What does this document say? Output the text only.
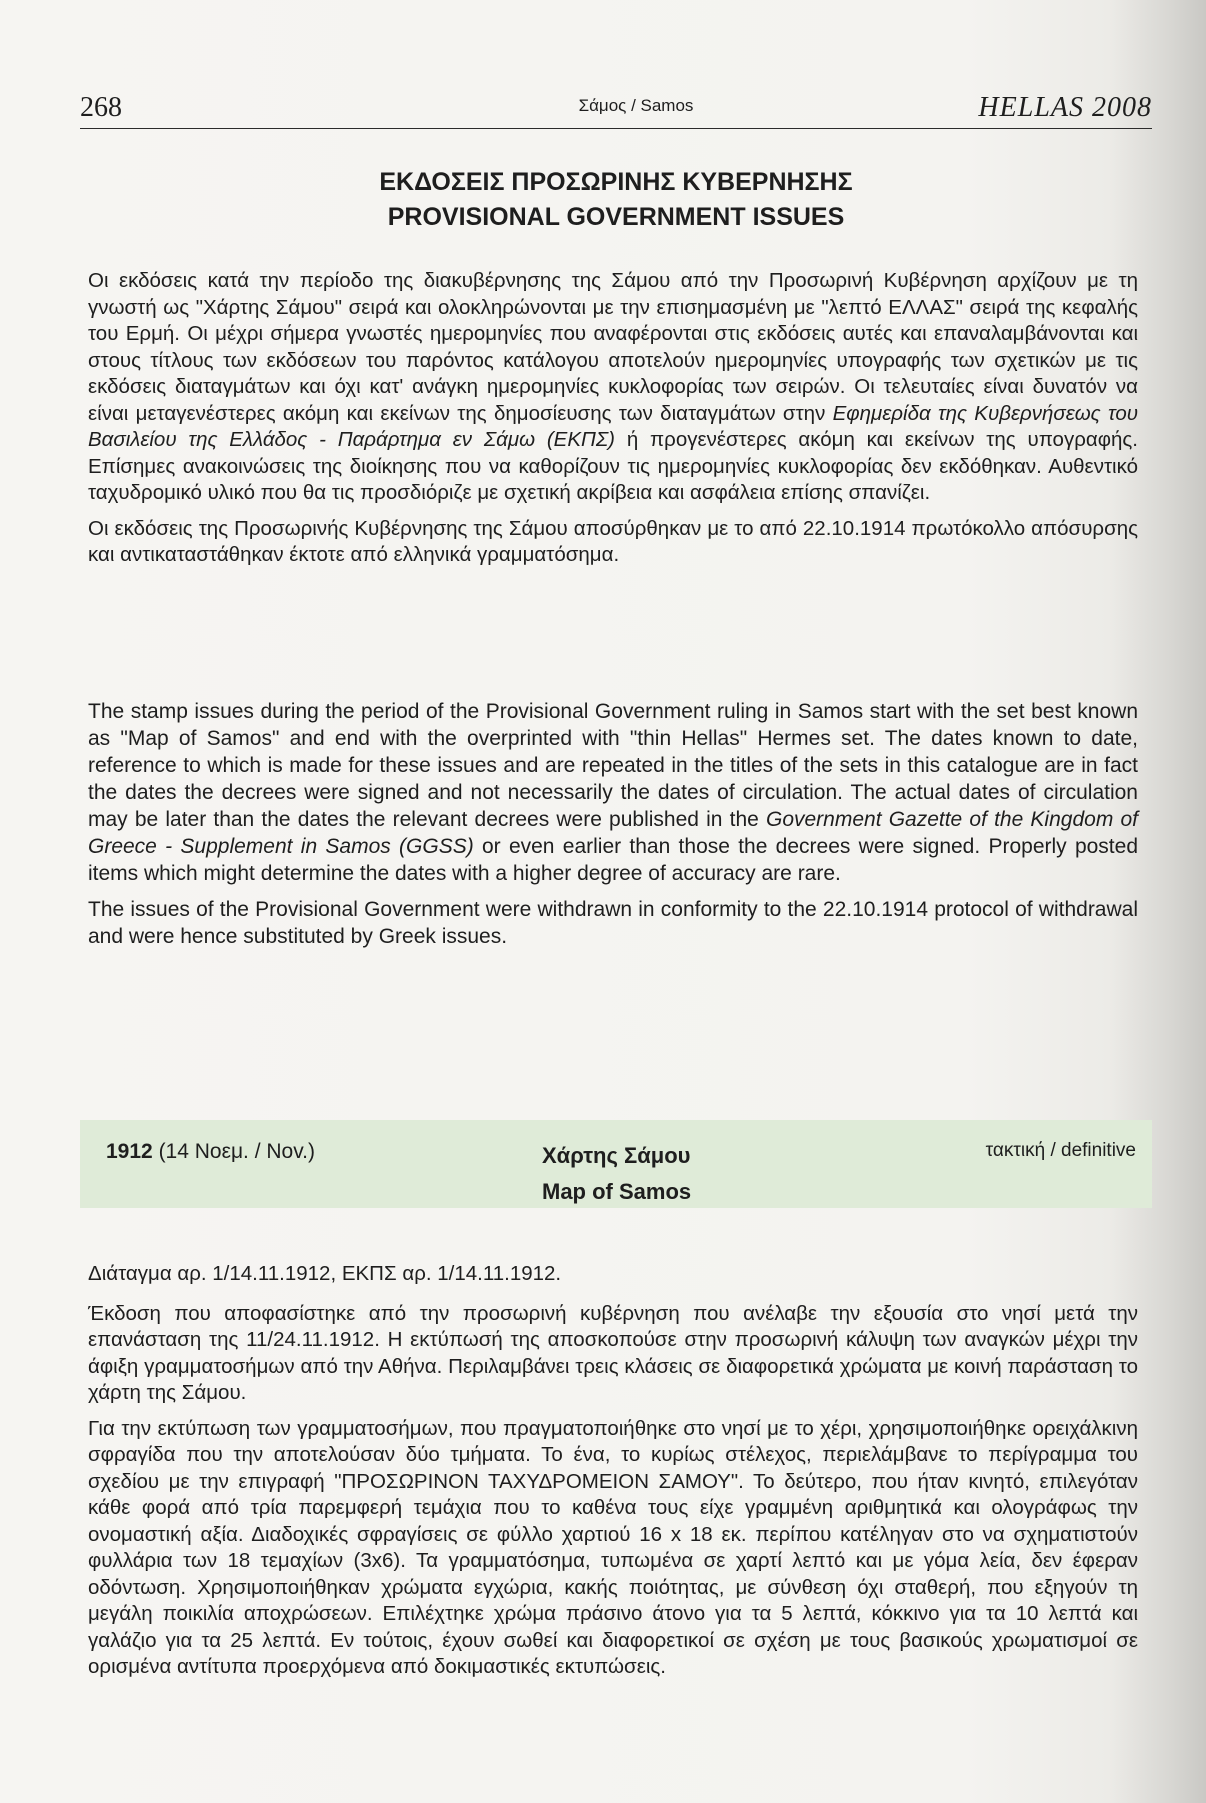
268	Σάμος / Samos	HELLAS 2008
ΕΚΔΟΣΕΙΣ ΠΡΟΣΩΡΙΝΗΣ ΚΥΒΕΡΝΗΣΗΣ
PROVISIONAL GOVERNMENT ISSUES

Οι εκδόσεις κατά την περίοδο της διακυβέρνησης της Σάμου από την Προσωρινή Κυβέρνηση αρχίζουν με τη γνωστή ως "Χάρτης Σάμου" σειρά και ολοκληρώνονται με την επισημασμένη με "λεπτό ΕΛΛΑΣ" σειρά της κεφαλής του Ερμή. Οι μέχρι σήμερα γνωστές ημερομηνίες που αναφέρονται στις εκδόσεις αυτές και επαναλαμβάνονται και στους τίτλους των εκδόσεων του παρόντος κατάλογου αποτελούν ημερομηνίες υπογραφής των σχετικών με τις εκδόσεις διαταγμάτων και όχι κατ' ανάγκη ημερομηνίες κυκλοφορίας των σειρών. Οι τελευταίες είναι δυνατόν να είναι μεταγενέστερες ακόμη και εκείνων της δημοσίευσης των διαταγμάτων στην Εφημερίδα της Κυβερνήσεως του Βασιλείου της Ελλάδος - Παράρτημα εν Σάμω (ΕΚΠΣ) ή προγενέστερες ακόμη και εκείνων της υπογραφής. Επίσημες ανακοινώσεις της διοίκησης που να καθορίζουν τις ημερομηνίες κυκλοφορίας δεν εκδόθηκαν. Αυθεντικό ταχυδρομικό υλικό που θα τις προσδιόριζε με σχετική ακρίβεια και ασφάλεια επίσης σπανίζει.

Οι εκδόσεις της Προσωρινής Κυβέρνησης της Σάμου αποσύρθηκαν με το από 22.10.1914 πρωτόκολλο απόσυρσης και αντικαταστάθηκαν έκτοτε από ελληνικά γραμματόσημα.

The stamp issues during the period of the Provisional Government ruling in Samos start with the set best known as "Map of Samos" and end with the overprinted with "thin Hellas" Hermes set. The dates known to date, reference to which is made for these issues and are repeated in the titles of the sets in this catalogue are in fact the dates the decrees were signed and not necessarily the dates of circulation. The actual dates of circulation may be later than the dates the relevant decrees were published in the Government Gazette of the Kingdom of Greece - Supplement in Samos (GGSS) or even earlier than those the decrees were signed. Properly posted items which might determine the dates with a higher degree of accuracy are rare.

The issues of the Provisional Government were withdrawn in conformity to the 22.10.1914 protocol of withdrawal and were hence substituted by Greek issues.

1912 (14 Νοεμ. / Nov.)	Χάρτης Σάμου
Map of Samos
τακτική / definitive

Διάταγμα αρ. 1/14.11.1912, ΕΚΠΣ αρ. 1/14.11.1912.

Έκδοση που αποφασίστηκε από την προσωρινή κυβέρνηση που ανέλαβε την εξουσία στο νησί μετά την επανάσταση της 11/24.11.1912. Η εκτύπωσή της αποσκοπούσε στην προσωρινή κάλυψη των αναγκών μέχρι την άφιξη γραμματοσήμων από την Αθήνα. Περιλαμβάνει τρεις κλάσεις σε διαφορετικά χρώματα με κοινή παράσταση το χάρτη της Σάμου.

Για την εκτύπωση των γραμματοσήμων, που πραγματοποιήθηκε στο νησί με το χέρι, χρησιμοποιήθηκε ορειχάλκινη σφραγίδα που την αποτελούσαν δύο τμήματα. Το ένα, το κυρίως στέλεχος, περιελάμβανε το περίγραμμα του σχεδίου με την επιγραφή "ΠΡΟΣΩΡΙΝΟΝ ΤΑΧΥΔΡΟΜΕΙΟΝ ΣΑΜΟΥ". Το δεύτερο, που ήταν κινητό, επιλεγόταν κάθε φορά από τρία παρεμφερή τεμάχια που το καθένα τους είχε γραμμένη αριθμητικά και ολογράφως την ονομαστική αξία. Διαδοχικές σφραγίσεις σε φύλλο χαρτιού 16 x 18 εκ. περίπου κατέληγαν στο να σχηματιστούν φυλλάρια των 18 τεμαχίων (3x6). Τα γραμματόσημα, τυπωμένα σε χαρτί λεπτό και με γόμα λεία, δεν έφεραν οδόντωση. Χρησιμοποιήθηκαν χρώματα εγχώρια, κακής ποιότητας, με σύνθεση όχι σταθερή, που εξηγούν τη μεγάλη ποικιλία αποχρώσεων. Επιλέχτηκε χρώμα πράσινο άτονο για τα 5 λεπτά, κόκκινο για τα 10 λεπτά και γαλάζιο για τα 25 λεπτά. Εν τούτοις, έχουν σωθεί και διαφορετικοί σε σχέση με τους βασικούς χρωματισμοί σε ορισμένα αντίτυπα προερχόμενα από δοκιμαστικές εκτυπώσεις.
